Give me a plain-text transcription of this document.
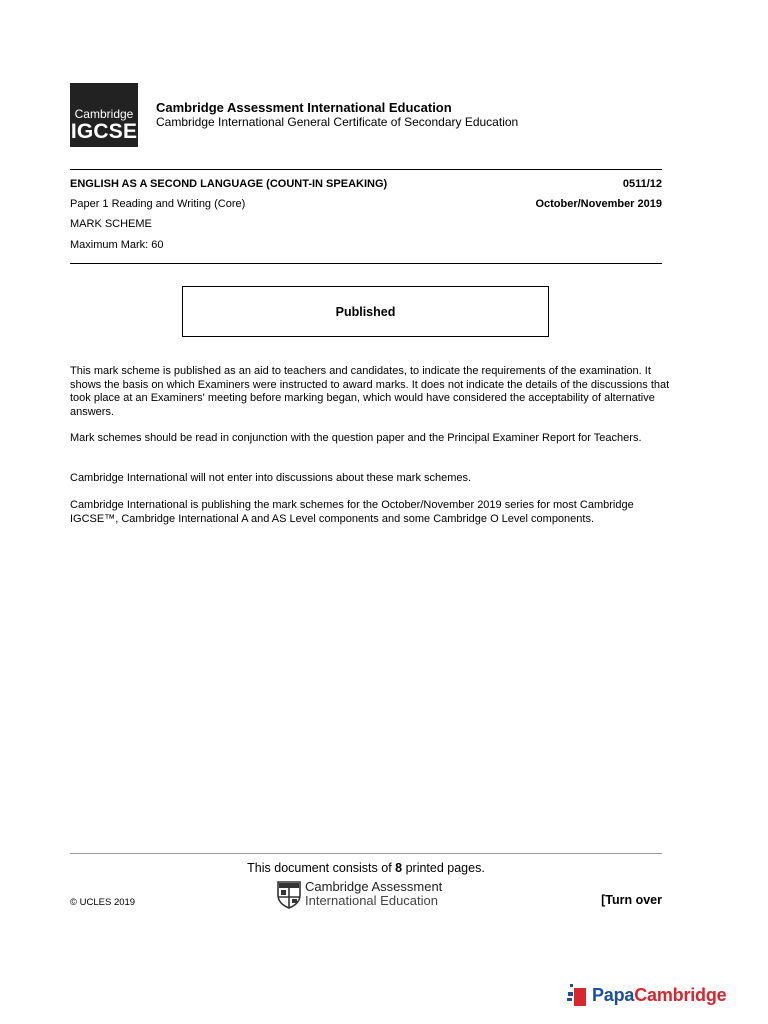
Cambridge
IGCSE
Cambridge Assessment International Education
Cambridge International General Certificate of Secondary Education
ENGLISH AS A SECOND LANGUAGE (COUNT-IN SPEAKING)	0511/12
Paper 1 Reading and Writing (Core)	October/November 2019
MARK SCHEME
Maximum Mark: 60
Published

This mark scheme is published as an aid to teachers and candidates, to indicate the requirements of the examination. It shows the basis on which Examiners were instructed to award marks. It does not indicate the details of the discussions that took place at an Examiners' meeting before marking began, which would have considered the acceptability of alternative answers.

Mark schemes should be read in conjunction with the question paper and the Principal Examiner Report for Teachers.

Cambridge International will not enter into discussions about these mark schemes.

Cambridge International is publishing the mark schemes for the October/November 2019 series for most Cambridge IGCSE™, Cambridge International A and AS Level components and some Cambridge O Level components.

This document consists of 8 printed pages.
Cambridge Assessment
International Education
© UCLES 2019	[Turn over
PapaCambridge
